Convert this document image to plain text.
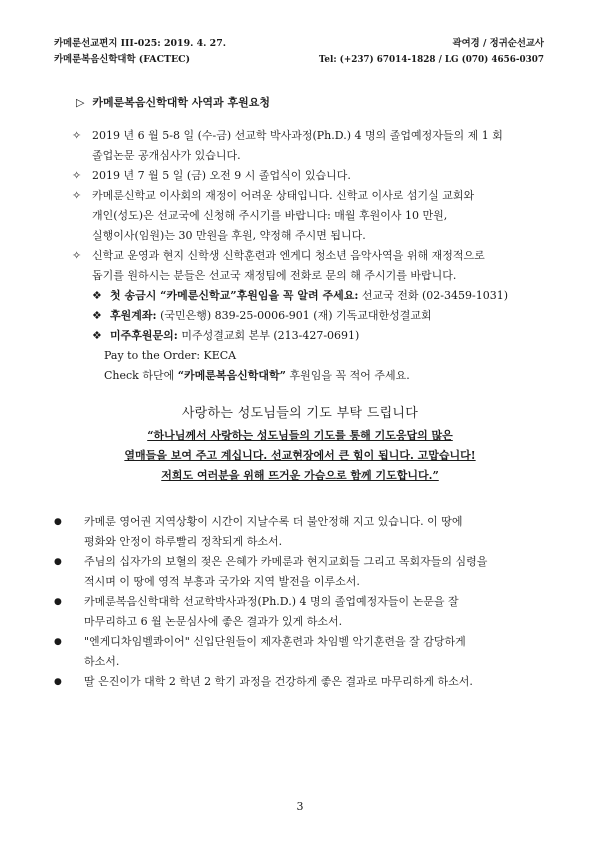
카메룬선교편지 III-025: 2019. 4. 27.
카메룬복음신학대학 (FACTEC)
곽여경 / 정귀순선교사
Tel: (+237) 67014-1828 / LG (070) 4656-0307
▷ 카메룬복음신학대학 사역과 후원요청
✧ 2019 년 6 월 5-8 일 (수-금) 선교학 박사과정(Ph.D.) 4 명의 졸업예정자들의 제 1 회
졸업논문 공개심사가 있습니다.
✧ 2019 년 7 월 5 일 (금) 오전 9 시 졸업식이 있습니다.
✧ 카메룬신학교 이사회의 재정이 어려운 상태입니다. 신학교 이사로 섬기실 교회와
개인(성도)은 선교국에 신청해 주시기를 바랍니다: 매월 후원이사 10 만원,
실행이사(임원)는 30 만원을 후원, 약정해 주시면 됩니다.
✧ 신학교 운영과 현지 신학생 신학훈련과 엔게디 청소년 음악사역을 위해 재정적으로
돕기를 원하시는 분들은 선교국 재정팀에 전화로 문의 해 주시기를 바랍니다.
❖ 첫 송금시 “카메룬신학교”후원임을 꼭 알려 주세요: 선교국 전화 (02-3459-1031)
❖ 후원계좌: (국민은행) 839-25-0006-901 (재) 기독교대한성결교회
❖ 미주후원문의: 미주성결교회 본부 (213-427-0691)
Pay to the Order: KECA
Check 하단에 “카메룬복음신학대학” 후원임을 꼭 적어 주세요.
사랑하는 성도님들의 기도 부탁 드립니다
“하나님께서 사랑하는 성도님들의 기도를 통해 기도응답의 많은
열매들을 보여 주고 계십니다. 선교현장에서 큰 힘이 됩니다. 고맙습니다!
저희도 여러분을 위해 뜨거운 가슴으로 함께 기도합니다.”
● 카메룬 영어권 지역상황이 시간이 지날수록 더 불안정해 지고 있습니다. 이 땅에
평화와 안정이 하루빨리 정착되게 하소서.
● 주님의 십자가의 보혈의 젖은 은혜가 카메룬과 현지교회들 그리고 목회자들의 심령을
적시며 이 땅에 영적 부흥과 국가와 지역 발전을 이루소서.
● 카메룬복음신학대학 선교학박사과정(Ph.D.) 4 명의 졸업예정자들이 논문을 잘
마무리하고 6 월 논문심사에 좋은 결과가 있게 하소서.
● "엔게디차임벨콰이어" 신입단원들이 제자훈련과 차임벨 악기훈련을 잘 감당하게
하소서.
● 딸 은진이가 대학 2 학년 2 학기 과정을 건강하게 좋은 결과로 마무리하게 하소서.
3
